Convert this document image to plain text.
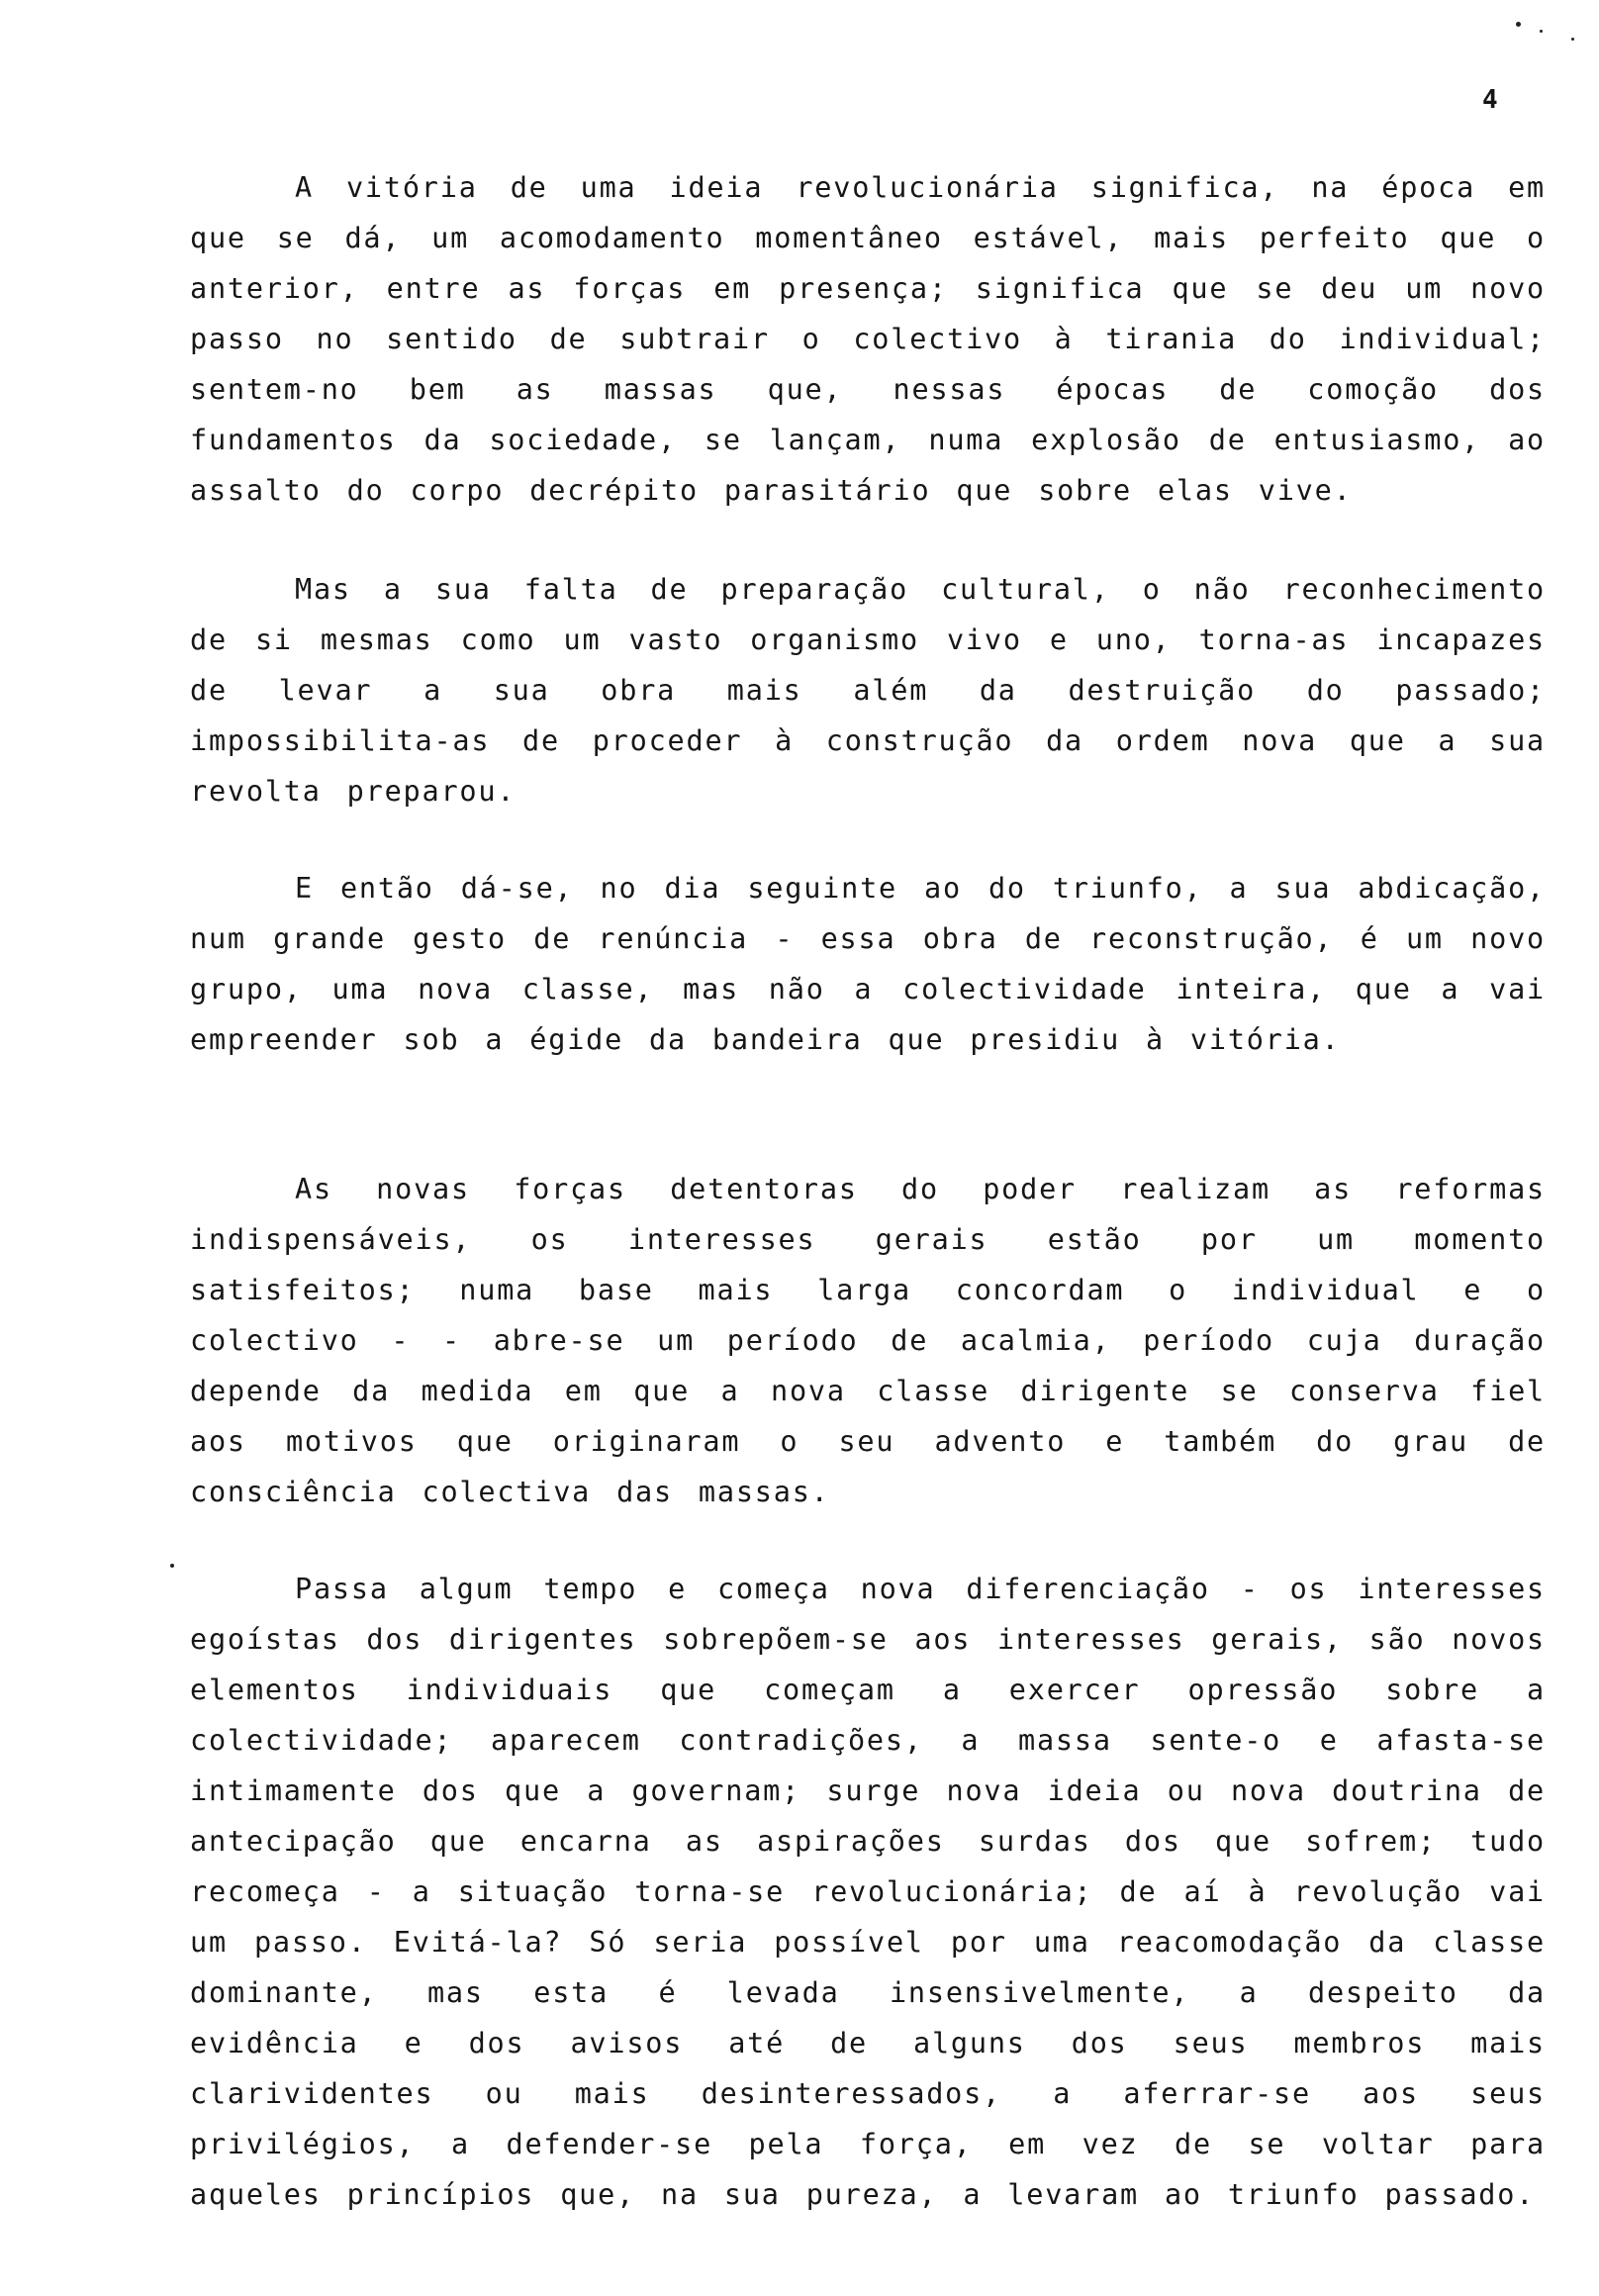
4

A vitória de uma ideia revolucionária significa, na época em que se dá, um acomodamento momentâneo estável, mais perfeito que o anterior, entre as forças em presença; significa que se deu um novo passo no sentido de subtrair o colectivo à tirania do individual; sentem-no bem as massas que, nessas épocas de comoção dos fundamentos da sociedade, se lançam, numa explosão de entusiasmo, ao assalto do corpo decrépito parasitário que sobre elas vive.

Mas a sua falta de preparação cultural, o não reconhecimento de si mesmas como um vasto organismo vivo e uno, torna-as incapazes de levar a sua obra mais além da destruição do passado; impossibilita-as de proceder à construção da ordem nova que a sua revolta preparou.

E então dá-se, no dia seguinte ao do triunfo, a sua abdicação, num grande gesto de renúncia - essa obra de reconstrução, é um novo grupo, uma nova classe, mas não a colectividade inteira, que a vai empreender sob a égide da bandeira que presidiu à vitória.

As novas forças detentoras do poder realizam as reformas indispensáveis, os interesses gerais estão por um momento satisfeitos; numa base mais larga concordam o individual e o colectivo - - abre-se um período de acalmia, período cuja duração depende da medida em que a nova classe dirigente se conserva fiel aos motivos que originaram o seu advento e também do grau de consciência colectiva das massas.

Passa algum tempo e começa nova diferenciação - os interesses egoístas dos dirigentes sobrepõem-se aos interesses gerais, são novos elementos individuais que começam a exercer opressão sobre a colectividade; aparecem contradições, a massa sente-o e afasta-se intimamente dos que a governam; surge nova ideia ou nova doutrina de antecipação que encarna as aspirações surdas dos que sofrem; tudo recomeça - a situação torna-se revolucionária; de aí à revolução vai um passo. Evitá-la? Só seria possível por uma reacomodação da classe dominante, mas esta é levada insensivelmente, a despeito da evidência e dos avisos até de alguns dos seus membros mais clarividentes ou mais desinteressados, a aferrar-se aos seus privilégios, a defender-se pela força, em vez de se voltar para aqueles princípios que, na sua pureza, a levaram ao triunfo passado.
